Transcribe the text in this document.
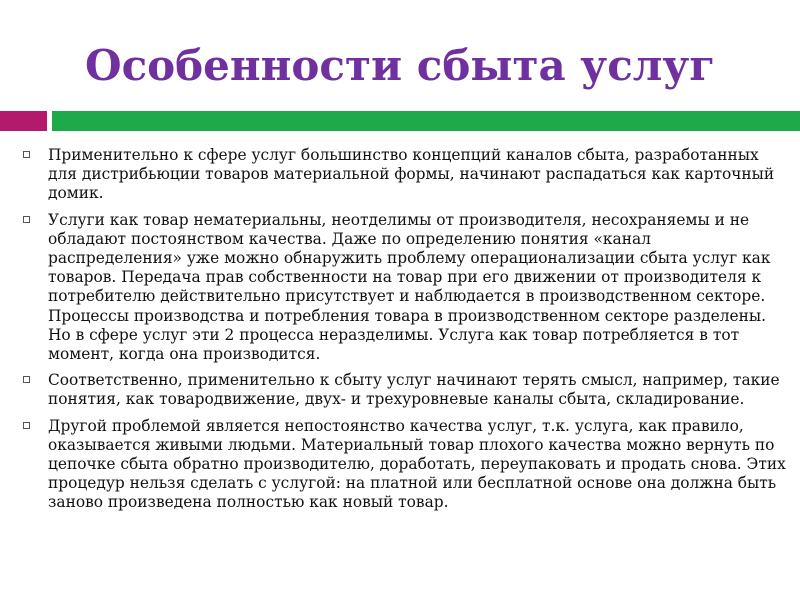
Особенности сбыта услуг
Применительно к сфере услуг большинство концепций каналов сбыта, разработанных для дистрибьюции товаров материальной формы, начинают распадаться как карточный домик.
Услуги как товар нематериальны, неотделимы от производителя, несохраняемы и не обладают постоянством качества. Даже по определению понятия «канал распределения» уже можно обнаружить проблему операционализации сбыта услуг как товаров. Передача прав собственности на товар при его движении от производителя к потребителю действительно присутствует и наблюдается в производственном секторе. Процессы производства и потребления товара в производственном секторе разделены. Но в сфере услуг эти 2 процесса неразделимы. Услуга как товар потребляется в тот момент, когда она производится.
Соответственно, применительно к сбыту услуг начинают терять смысл, например, такие понятия, как товародвижение, двух- и трехуровневые каналы сбыта, складирование.
Другой проблемой является непостоянство качества услуг, т.к. услуга, как правило, оказывается живыми людьми. Материальный товар плохого качества можно вернуть по цепочке сбыта обратно производителю, доработать, переупаковать и продать снова. Этих процедур нельзя сделать с услугой: на платной или бесплатной основе она должна быть заново произведена полностью как новый товар.
